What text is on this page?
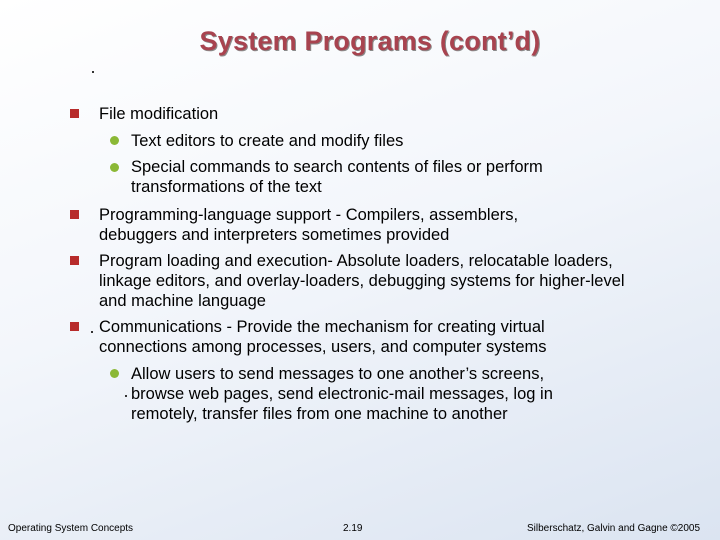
System Programs (cont’d)
File modification
Text editors to create and modify files
Special commands to search contents of files or perform transformations of the text
Programming-language support - Compilers, assemblers, debuggers and interpreters sometimes provided
Program loading and execution- Absolute loaders, relocatable loaders, linkage editors, and overlay-loaders, debugging systems for higher-level and machine language
Communications - Provide the mechanism for creating virtual connections among processes, users, and computer systems
Allow users to send messages to one another’s screens, browse web pages, send electronic-mail messages, log in remotely, transfer files from one machine to another
Operating System Concepts	2.19	Silberschatz, Galvin and Gagne ©2005
